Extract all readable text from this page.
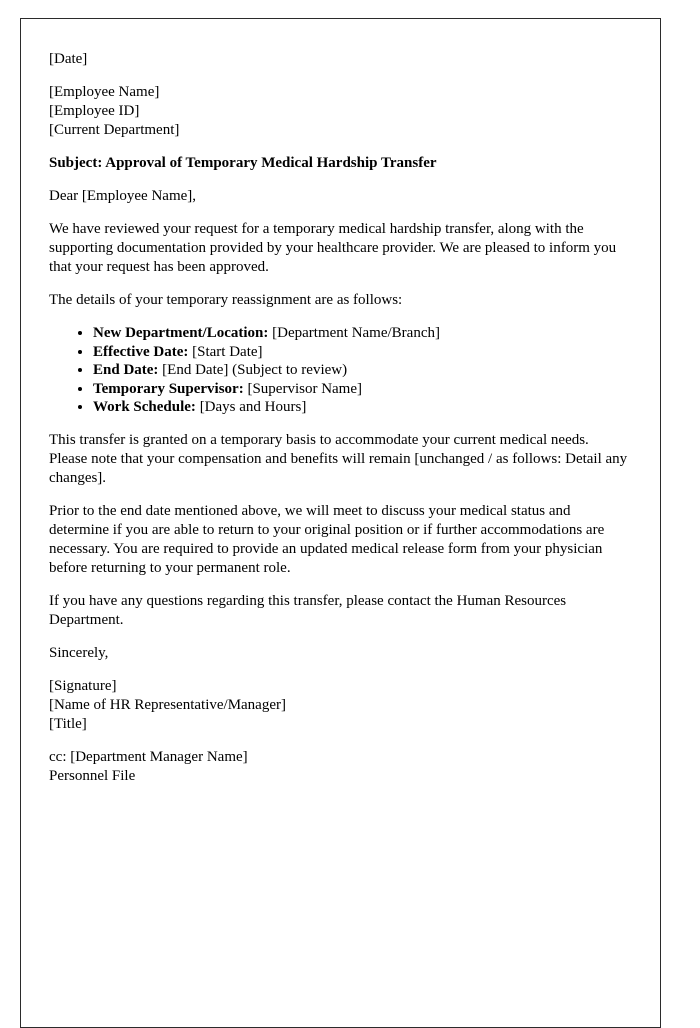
[Date]

[Employee Name]
[Employee ID]
[Current Department]

Subject: Approval of Temporary Medical Hardship Transfer

Dear [Employee Name],

We have reviewed your request for a temporary medical hardship transfer, along with the supporting documentation provided by your healthcare provider. We are pleased to inform you that your request has been approved.

The details of your temporary reassignment are as follows:

• New Department/Location: [Department Name/Branch]
• Effective Date: [Start Date]
• End Date: [End Date] (Subject to review)
• Temporary Supervisor: [Supervisor Name]
• Work Schedule: [Days and Hours]

This transfer is granted on a temporary basis to accommodate your current medical needs. Please note that your compensation and benefits will remain [unchanged / as follows: Detail any changes].

Prior to the end date mentioned above, we will meet to discuss your medical status and determine if you are able to return to your original position or if further accommodations are necessary. You are required to provide an updated medical release form from your physician before returning to your permanent role.

If you have any questions regarding this transfer, please contact the Human Resources Department.

Sincerely,

[Signature]
[Name of HR Representative/Manager]
[Title]
cc: [Department Manager Name]
Personnel File
